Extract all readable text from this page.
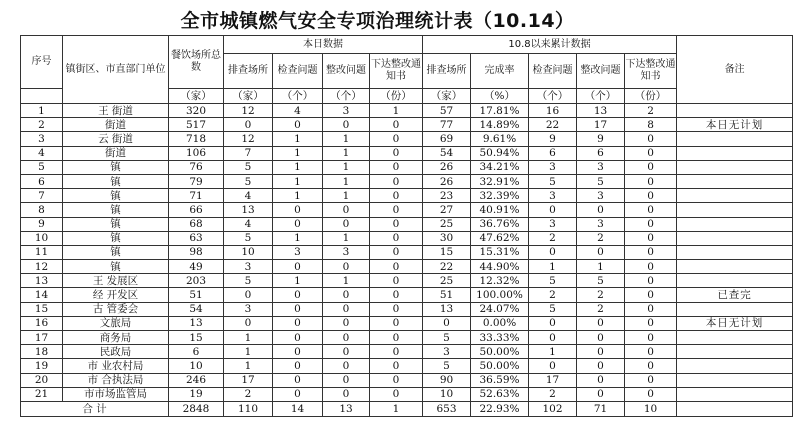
全市城镇燃气安全专项治理统计表（10.14）
序号	镇街区、市直部门单位	餐饮场所总数	本日数据				10.8以来累计数据					备注
			排查场所	检查问题	整改问题	下达整改通知书	排查场所	完成率	检查问题	整改问题	下达整改通知书	
		（家）	（家）	（个）	（个）	（份）	（家）	（%）	（个）	（个）	（份）	
1	王 街道	320	12	4	3	1	57	17.81%	16	13	2	
2	街道	517	0	0	0	0	77	14.89%	22	17	8	本日无计划
3	云 街道	718	12	1	1	0	69	9.61%	9	9	0	
4	街道	106	7	1	1	0	54	50.94%	6	6	0	
5	镇	76	5	1	1	0	26	34.21%	3	3	0	
6	镇	79	5	1	1	0	26	32.91%	5	5	0	
7	镇	71	4	1	1	0	23	32.39%	3	3	0	
8	镇	66	13	0	0	0	27	40.91%	0	0	0	
9	镇	68	4	0	0	0	25	36.76%	3	3	0	
10	镇	63	5	1	1	0	30	47.62%	2	2	0	
11	镇	98	10	3	3	0	15	15.31%	0	0	0	
12	镇	49	3	0	0	0	22	44.90%	1	1	0	
13	王 发展区	203	5	1	1	0	25	12.32%	5	5	0	
14	经 开发区	51	0	0	0	0	51	100.00%	2	2	0	已查完
15	古 管委会	54	3	0	0	0	13	24.07%	5	2	0	
16	文旅局	13	0	0	0	0	0	0.00%	0	0	0	本日无计划
17	商务局	15	1	0	0	0	5	33.33%	0	0	0	
18	民政局	6	1	0	0	0	3	50.00%	1	0	0	
19	市 业农村局	10	1	0	0	0	5	50.00%	0	0	0	
20	市 合执法局	246	17	0	0	0	90	36.59%	17	0	0	
21	市市场监管局	19	2	0	0	0	10	52.63%	2	0	0	
合 计		2848	110	14	13	1	653	22.93%	102	71	10	
